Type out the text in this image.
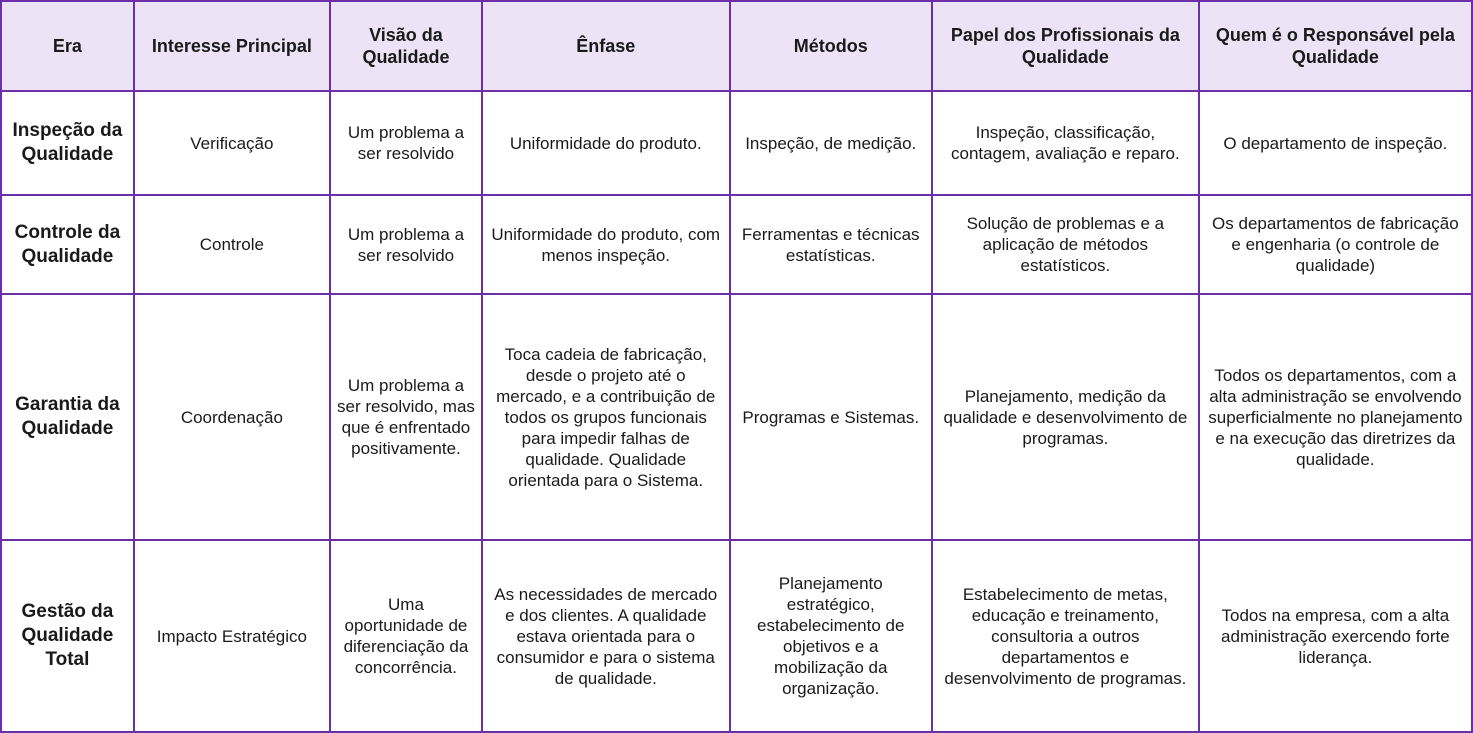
Era	Interesse Principal	Visão da Qualidade	Ênfase	Métodos	Papel dos Profissionais da Qualidade	Quem é o Responsável pela Qualidade
Inspeção da Qualidade	Verificação	Um problema a ser resolvido	Uniformidade do produto.	Inspeção, de medição.	Inspeção, classificação, contagem, avaliação e reparo.	O departamento de inspeção.
Controle da Qualidade	Controle	Um problema a ser resolvido	Uniformidade do produto, com menos inspeção.	Ferramentas e técnicas estatísticas.	Solução de problemas e a aplicação de métodos estatísticos.	Os departamentos de fabricação e engenharia (o controle de qualidade)
Garantia da Qualidade	Coordenação	Um problema a ser resolvido, mas que é enfrentado positivamente.	Toca cadeia de fabricação, desde o projeto até o mercado, e a contribuição de todos os grupos funcionais para impedir falhas de qualidade. Qualidade orientada para o Sistema.	Programas e Sistemas.	Planejamento, medição da qualidade e desenvolvimento de programas.	Todos os departamentos, com a alta administração se envolvendo superficialmente no planejamento e na execução das diretrizes da qualidade.
Gestão da Qualidade Total	Impacto Estratégico	Uma oportunidade de diferenciação da concorrência.	As necessidades de mercado e dos clientes. A qualidade estava orientada para o consumidor e para o sistema de qualidade.	Planejamento estratégico, estabelecimento de objetivos e a mobilização da organização.	Estabelecimento de metas, educação e treinamento, consultoria a outros departamentos e desenvolvimento de programas.	Todos na empresa, com a alta administração exercendo forte liderança.
